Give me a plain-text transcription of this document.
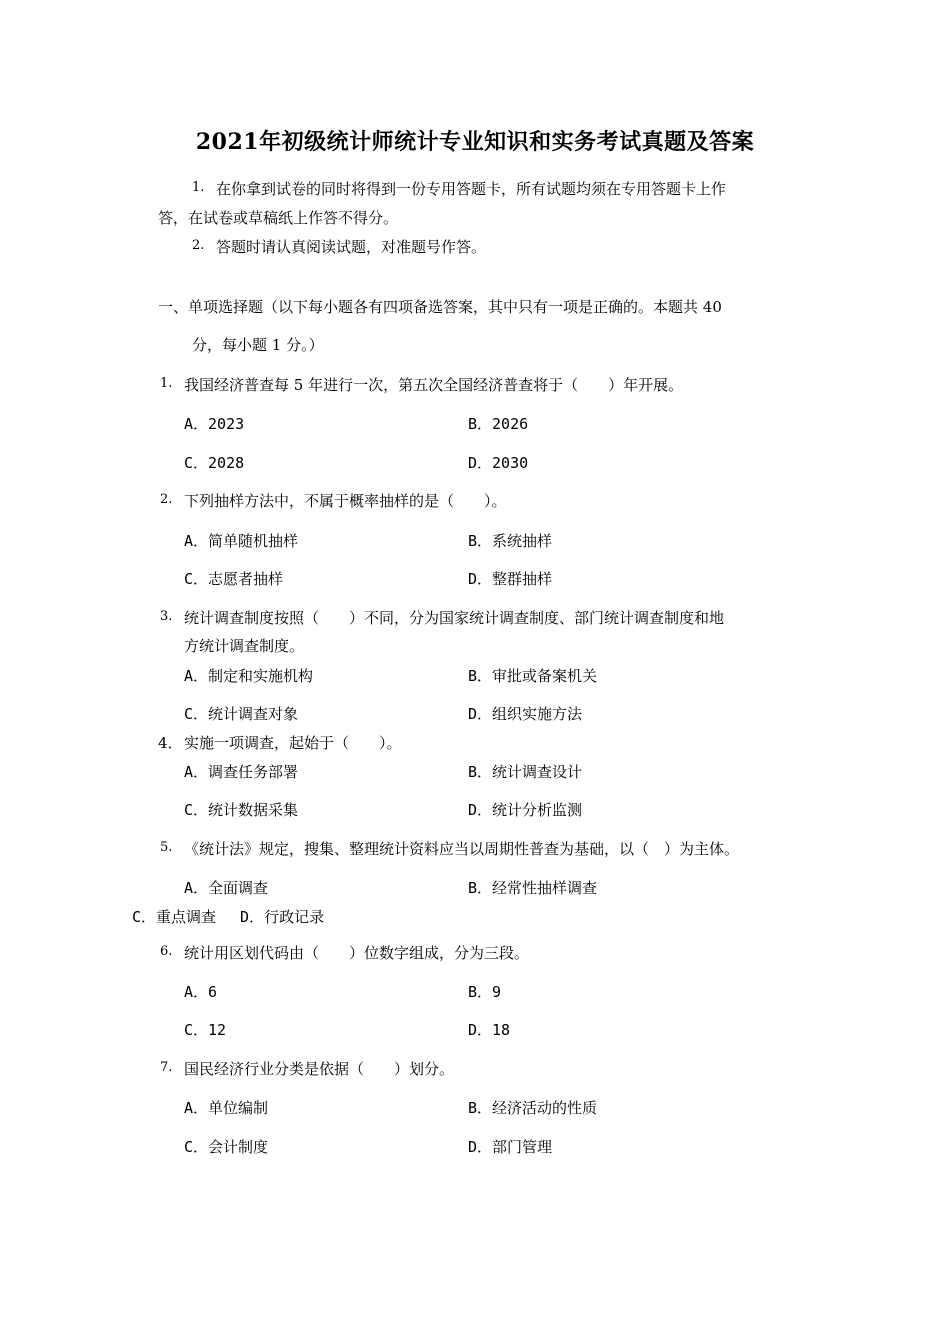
2021年初级统计师统计专业知识和实务考试真题及答案
1. 在你拿到试卷的同时将得到一份专用答题卡，所有试题均须在专用答题卡上作
答，在试卷或草稿纸上作答不得分。
2. 答题时请认真阅读试题，对准题号作答。
一、单项选择题（以下每小题各有四项备选答案，其中只有一项是正确的。本题共 40
分，每小题 1 分。）
1. 我国经济普查每 5 年进行一次，第五次全国经济普查将于（　　）年开展。
A．2023	B．2026
C．2028	D．2030
2. 下列抽样方法中，不属于概率抽样的是（　　）。
A．简单随机抽样	B．系统抽样
C．志愿者抽样	D．整群抽样
3. 统计调查制度按照（　　）不同，分为国家统计调查制度、部门统计调查制度和地
方统计调查制度。
A．制定和实施机构	B．审批或备案机关
C．统计调查对象	D．组织实施方法
4． 实施一项调查，起始于（　　）。
A．调查任务部署	B．统计调查设计
C．统计数据采集	D．统计分析监测
5. 《统计法》规定，搜集、整理统计资料应当以周期性普查为基础，以（　）为主体。
A．全面调查	B．经常性抽样调查
C．重点调查　 D．行政记录
6. 统计用区划代码由（　　）位数字组成，分为三段。
A．6	B．9
C．12	D．18
7. 国民经济行业分类是依据（　　）划分。
A．单位编制	B．经济活动的性质
C．会计制度	D．部门管理
